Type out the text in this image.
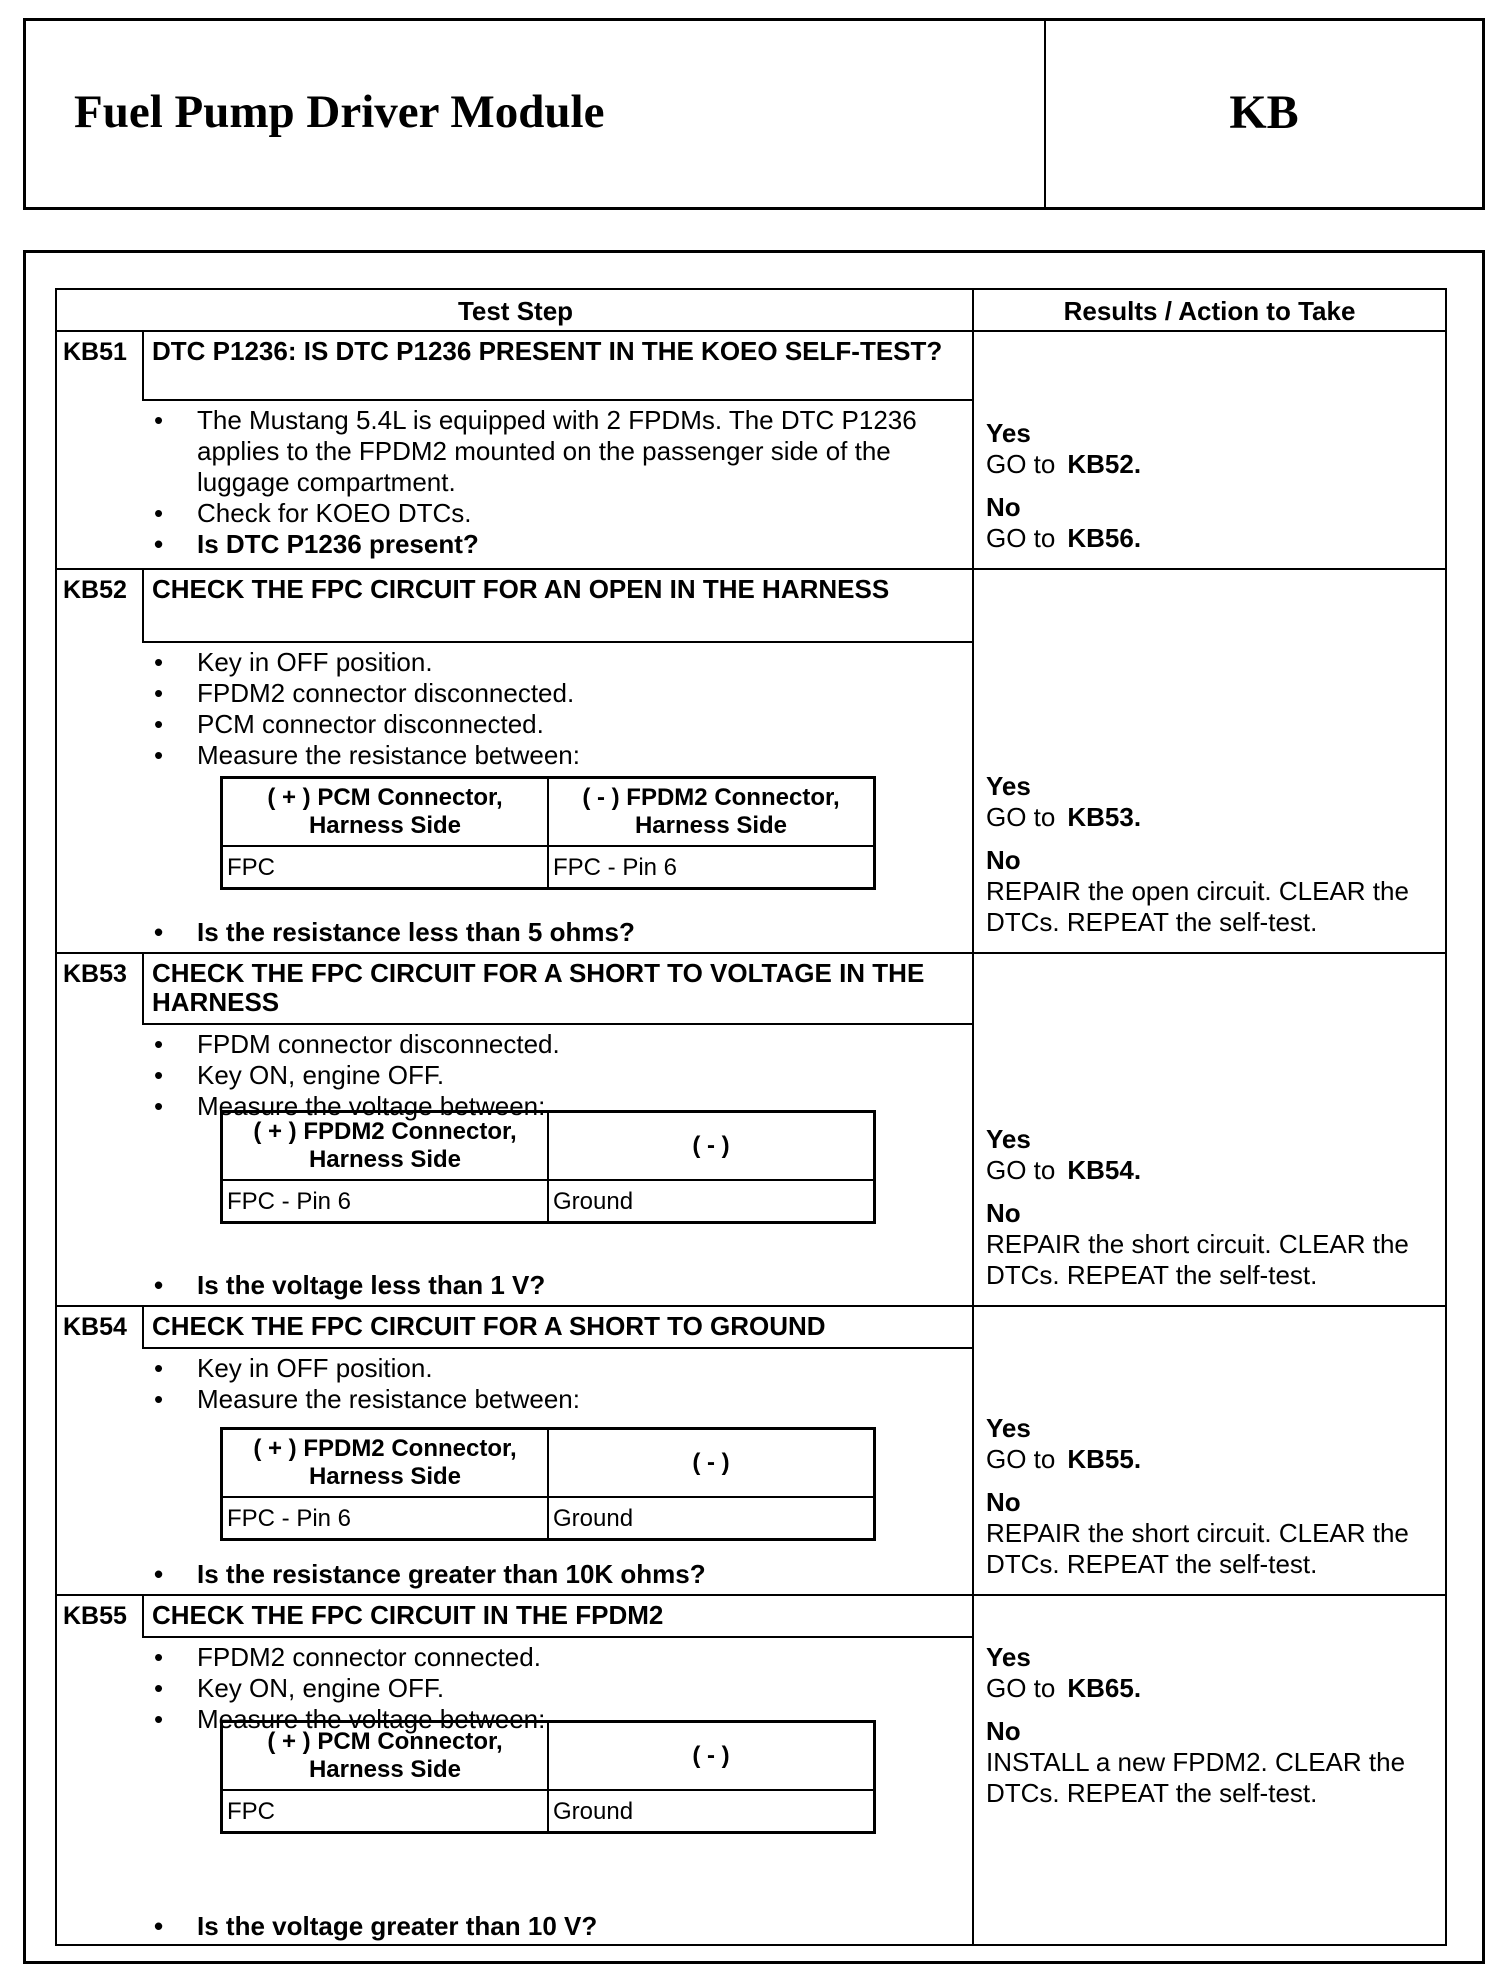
Fuel Pump Driver Module	KB
Test Step	Results / Action to Take
KB51 DTC P1236: IS DTC P1236 PRESENT IN THE KOEO SELF-TEST?
• The Mustang 5.4L is equipped with 2 FPDMs. The DTC P1236 applies to the FPDM2 mounted on the passenger side of the luggage compartment.
• Check for KOEO DTCs.
• Is DTC P1236 present?
Yes
GO to KB52.
No
GO to KB56.
KB52 CHECK THE FPC CIRCUIT FOR AN OPEN IN THE HARNESS
• Key in OFF position.
• FPDM2 connector disconnected.
• PCM connector disconnected.
• Measure the resistance between:
( + ) PCM Connector, Harness Side	( - ) FPDM2 Connector, Harness Side
FPC	FPC - Pin 6
• Is the resistance less than 5 ohms?
Yes
GO to KB53.
No
REPAIR the open circuit. CLEAR the DTCs. REPEAT the self-test.
KB53 CHECK THE FPC CIRCUIT FOR A SHORT TO VOLTAGE IN THE HARNESS
• FPDM connector disconnected.
• Key ON, engine OFF.
• Measure the voltage between:
( + ) FPDM2 Connector, Harness Side	( - )
FPC - Pin 6	Ground
• Is the voltage less than 1 V?
Yes
GO to KB54.
No
REPAIR the short circuit. CLEAR the DTCs. REPEAT the self-test.
KB54 CHECK THE FPC CIRCUIT FOR A SHORT TO GROUND
• Key in OFF position.
• Measure the resistance between:
( + ) FPDM2 Connector, Harness Side	( - )
FPC - Pin 6	Ground
• Is the resistance greater than 10K ohms?
Yes
GO to KB55.
No
REPAIR the short circuit. CLEAR the DTCs. REPEAT the self-test.
KB55 CHECK THE FPC CIRCUIT IN THE FPDM2
• FPDM2 connector connected.
• Key ON, engine OFF.
• Measure the voltage between:
( + ) PCM Connector, Harness Side	( - )
FPC	Ground
• Is the voltage greater than 10 V?
Yes
GO to KB65.
No
INSTALL a new FPDM2. CLEAR the DTCs. REPEAT the self-test.
